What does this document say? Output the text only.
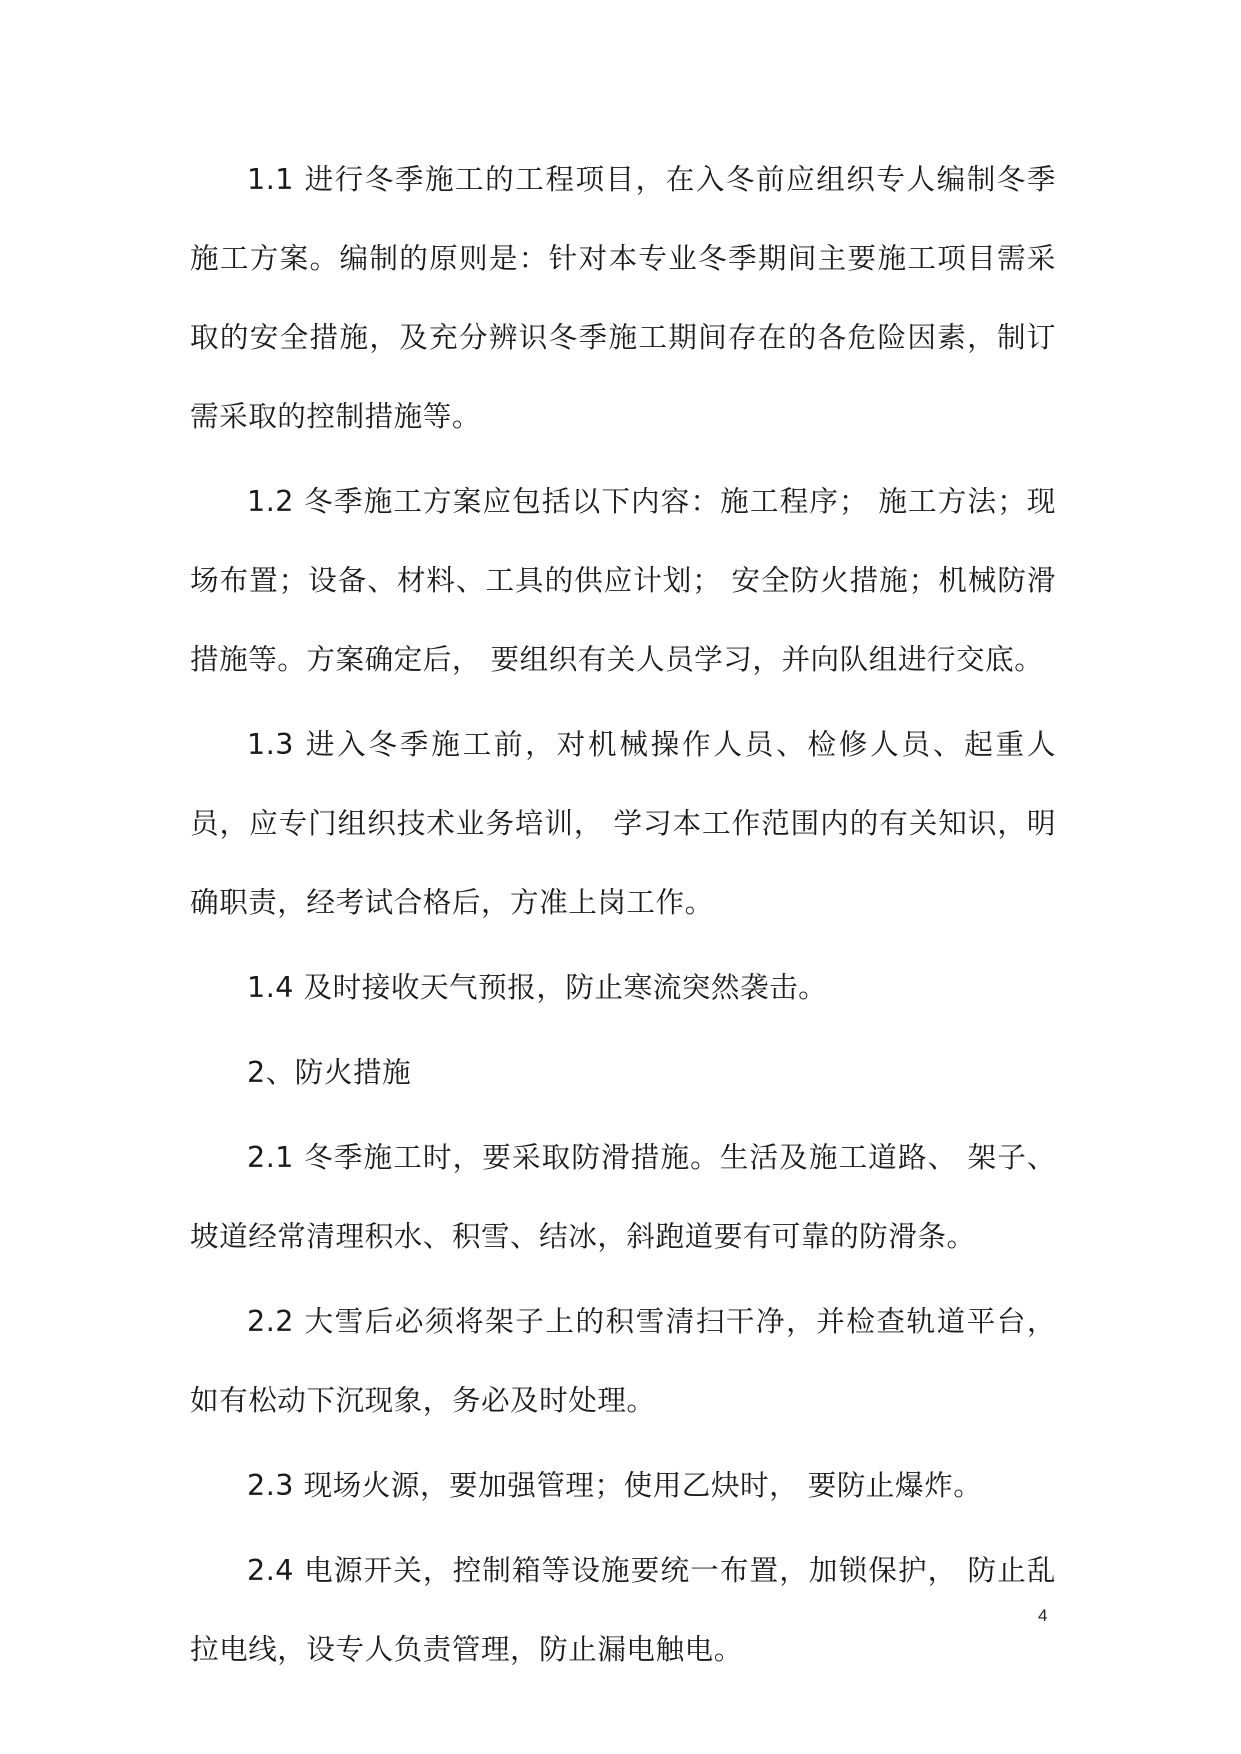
1.1 进行冬季施工的工程项目，在入冬前应组织专人编制冬季施工方案。编制的原则是：针对本专业冬季期间主要施工项目需采取的安全措施，及充分辨识冬季施工期间存在的各危险因素，制订需采取的控制措施等。

1.2 冬季施工方案应包括以下内容：施工程序； 施工方法；现场布置；设备、材料、工具的供应计划； 安全防火措施；机械防滑措施等。方案确定后， 要组织有关人员学习，并向队组进行交底。

1.3 进入冬季施工前，对机械操作人员、检修人员、起重人员，应专门组织技术业务培训， 学习本工作范围内的有关知识，明确职责，经考试合格后，方准上岗工作。

1.4 及时接收天气预报，防止寒流突然袭击。

2、防火措施

2.1 冬季施工时，要采取防滑措施。生活及施工道路、 架子、坡道经常清理积水、积雪、结冰，斜跑道要有可靠的防滑条。

2.2 大雪后必须将架子上的积雪清扫干净，并检查轨道平台，如有松动下沉现象，务必及时处理。

2.3 现场火源，要加强管理；使用乙炔时， 要防止爆炸。

2.4 电源开关，控制箱等设施要统一布置，加锁保护， 防止乱拉电线，设专人负责管理，防止漏电触电。

4
